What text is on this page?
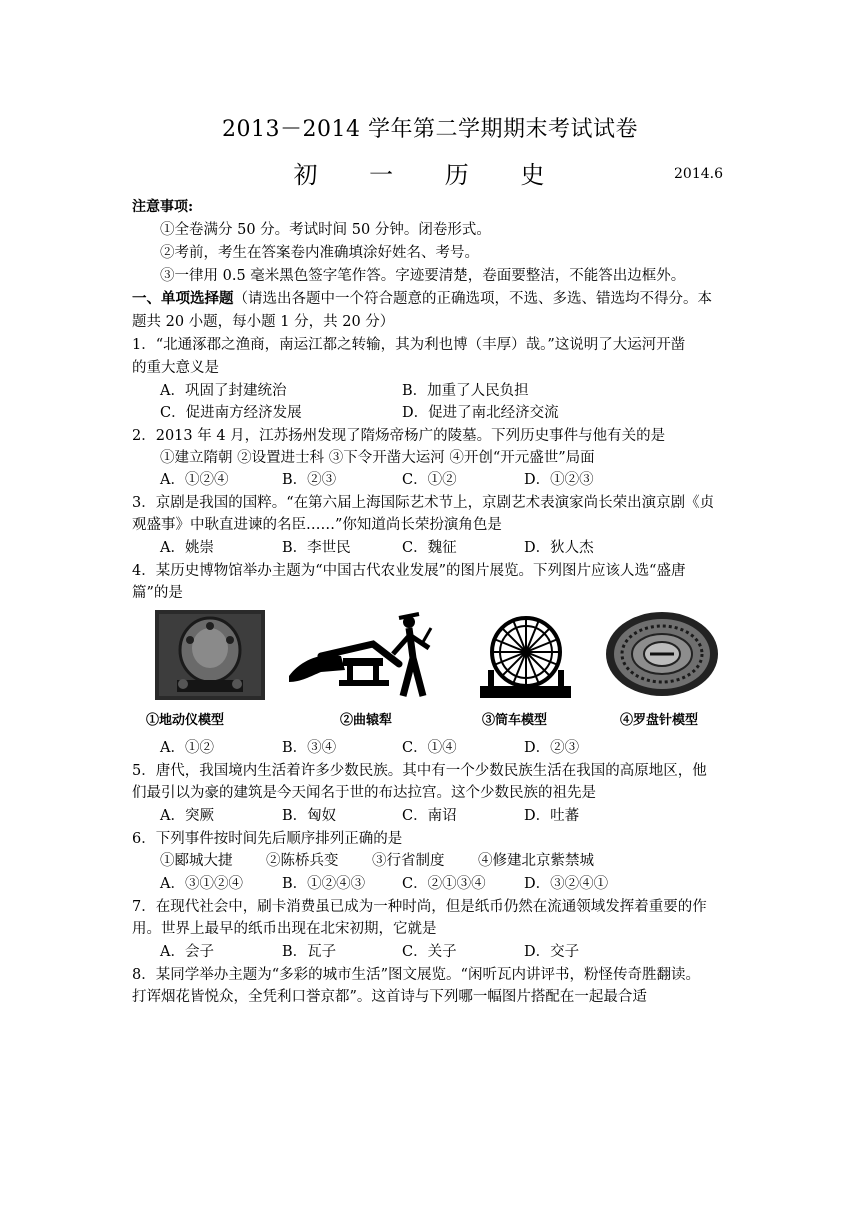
2013－2014 学年第二学期期末考试试卷
初 一 历 史	2014.6
注意事项:
①全卷满分 50 分。考试时间 50 分钟。闭卷形式。
②考前，考生在答案卷内准确填涂好姓名、考号。
③一律用 0.5 毫米黑色签字笔作答。字迹要清楚，卷面要整洁，不能答出边框外。
一、单项选择题（请选出各题中一个符合题意的正确选项，不选、多选、错选均不得分。本
题共 20 小题，每小题 1 分，共 20 分）
1．“北通涿郡之渔商，南运江都之转输，其为利也博（丰厚）哉。”这说明了大运河开凿
的重大意义是
A．巩固了封建统治	B．加重了人民负担
C．促进南方经济发展	D．促进了南北经济交流
2．2013 年 4 月，江苏扬州发现了隋炀帝杨广的陵墓。下列历史事件与他有关的是
①建立隋朝 ②设置进士科 ③下令开凿大运河 ④开创“开元盛世”局面
A．①②④	B．②③	C．①②	D．①②③
3．京剧是我国的国粹。“在第六届上海国际艺术节上，京剧艺术表演家尚长荣出演京剧《贞
观盛事》中耿直进谏的名臣……”你知道尚长荣扮演角色是
A．姚崇	B．李世民	C．魏征	D．狄人杰
4．某历史博物馆举办主题为“中国古代农业发展”的图片展览。下列图片应该人选“盛唐
篇”的是
①地动仪模型	②曲辕犁	③筒车模型	④罗盘针模型
A．①②	B．③④	C．①④	D．②③
5．唐代，我国境内生活着许多少数民族。其中有一个少数民族生活在我国的高原地区，他
们最引以为豪的建筑是今天闻名于世的布达拉宫。这个少数民族的祖先是
A．突厥	B．匈奴	C．南诏	D．吐蕃
6．下列事件按时间先后顺序排列正确的是
①郾城大捷 ②陈桥兵变 ③行省制度 ④修建北京紫禁城
A．③①②④	B．①②④③	C．②①③④	D．③②④①
7．在现代社会中，刷卡消费虽已成为一种时尚，但是纸币仍然在流通领域发挥着重要的作
用。世界上最早的纸币出现在北宋初期，它就是
A．会子	B．瓦子	C．关子	D．交子
8．某同学举办主题为“多彩的城市生活”图文展览。“闲听瓦内讲评书，粉怪传奇胜翻读。
打诨烟花皆悦众，全凭利口誉京都”。这首诗与下列哪一幅图片搭配在一起最合适
